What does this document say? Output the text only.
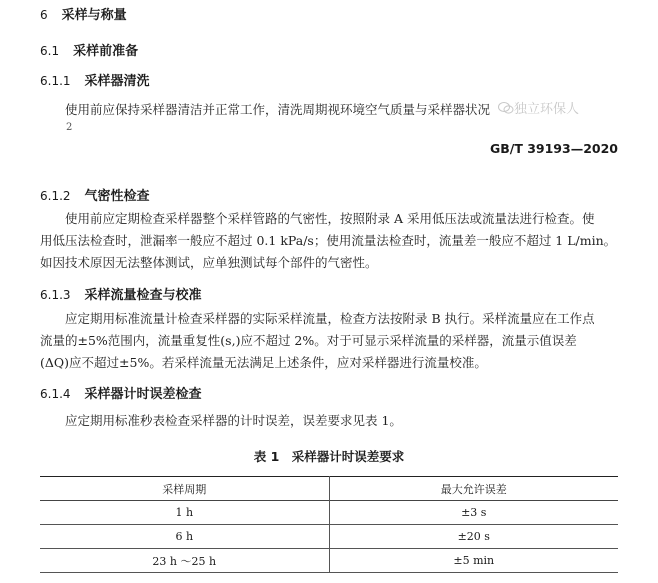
6 采样与称量
6.1 采样前准备
6.1.1 采样器清洗
使用前应保持采样器清洁并正常工作，清洗周期视环境空气质量与采样器状况	独立环保人
2
GB/T 39193—2020
6.1.2 气密性检查

使用前应定期检查采样器整个采样管路的气密性，按照附录 A 采用低压法或流量法进行检查。使

用低压法检查时，泄漏率一般应不超过 0.1 kPa/s；使用流量法检查时，流量差一般应不超过 1 L/min。

如因技术原因无法整体测试，应单独测试每个部件的气密性。

6.1.3 采样流量检查与校准

应定期用标准流量计检查采样器的实际采样流量，检查方法按附录 B 执行。采样流量应在工作点

流量的±5%范围内，流量重复性(s,)应不超过 2%。对于可显示采样流量的采样器，流量示值误差

(ΔQ)应不超过±5%。若采样流量无法满足上述条件，应对采样器进行流量校准。

6.1.4 采样器计时误差检查
应定期用标准秒表检查采样器的计时误差，误差要求见表 1。
表 1　采样器计时误差要求
采样周期	最大允许误差
1 h	±3 s
6 h	±20 s
23 h ～25 h	±5 min
